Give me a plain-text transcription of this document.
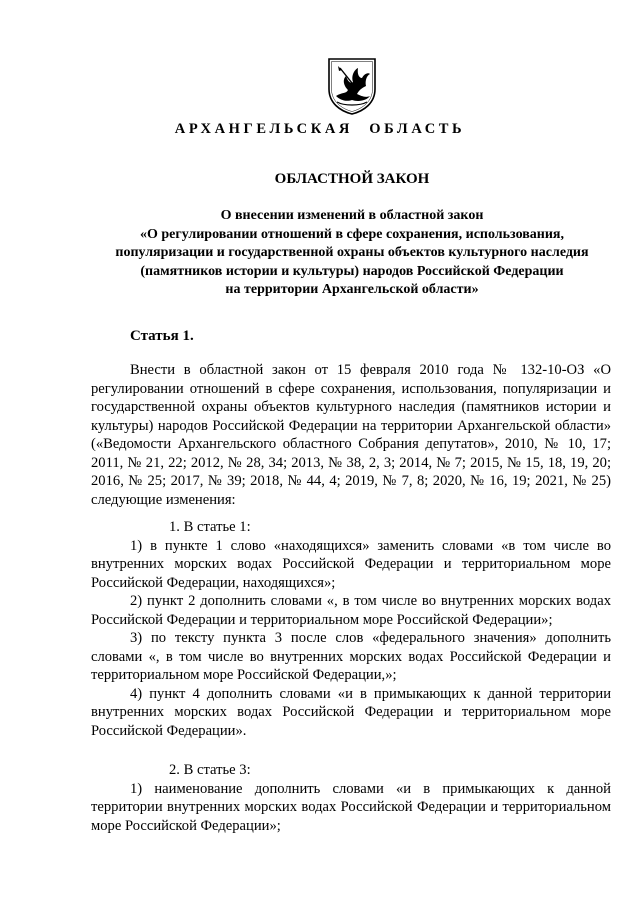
АРХАНГЕЛЬСКАЯ ОБЛАСТЬ
ОБЛАСТНОЙ ЗАКОН
О внесении изменений в областной закон
«О регулировании отношений в сфере сохранения, использования,
популяризации и государственной охраны объектов культурного наследия
(памятников истории и культуры) народов Российской Федерации
на территории Архангельской области»
Статья 1.

Внести в областной закон от 15 февраля 2010 года № 132-10-ОЗ «О регулировании отношений в сфере сохранения, использования, популяризации и государственной охраны объектов культурного наследия (памятников истории и культуры) народов Российской Федерации на территории Архангельской области» («Ведомости Архангельского областного Собрания депутатов», 2010, № 10, 17; 2011, № 21, 22; 2012, № 28, 34; 2013, № 38, 2, 3; 2014, № 7; 2015, № 15, 18, 19, 20; 2016, № 25; 2017, № 39; 2018, № 44, 4; 2019, № 7, 8; 2020, № 16, 19; 2021, № 25) следующие изменения:

1. В статье 1:

1) в пункте 1 слово «находящихся» заменить словами «в том числе во внутренних морских водах Российской Федерации и территориальном море Российской Федерации, находящихся»;

2) пункт 2 дополнить словами «, в том числе во внутренних морских водах Российской Федерации и территориальном море Российской Федерации»;

3) по тексту пункта 3 после слов «федерального значения» дополнить словами «, в том числе во внутренних морских водах Российской Федерации и территориальном море Российской Федерации,»;

4) пункт 4 дополнить словами «и в примыкающих к данной территории внутренних морских водах Российской Федерации и территориальном море Российской Федерации».

2. В статье 3:

1) наименование дополнить словами «и в примыкающих к данной территории внутренних морских водах Российской Федерации и территориальном море Российской Федерации»;
